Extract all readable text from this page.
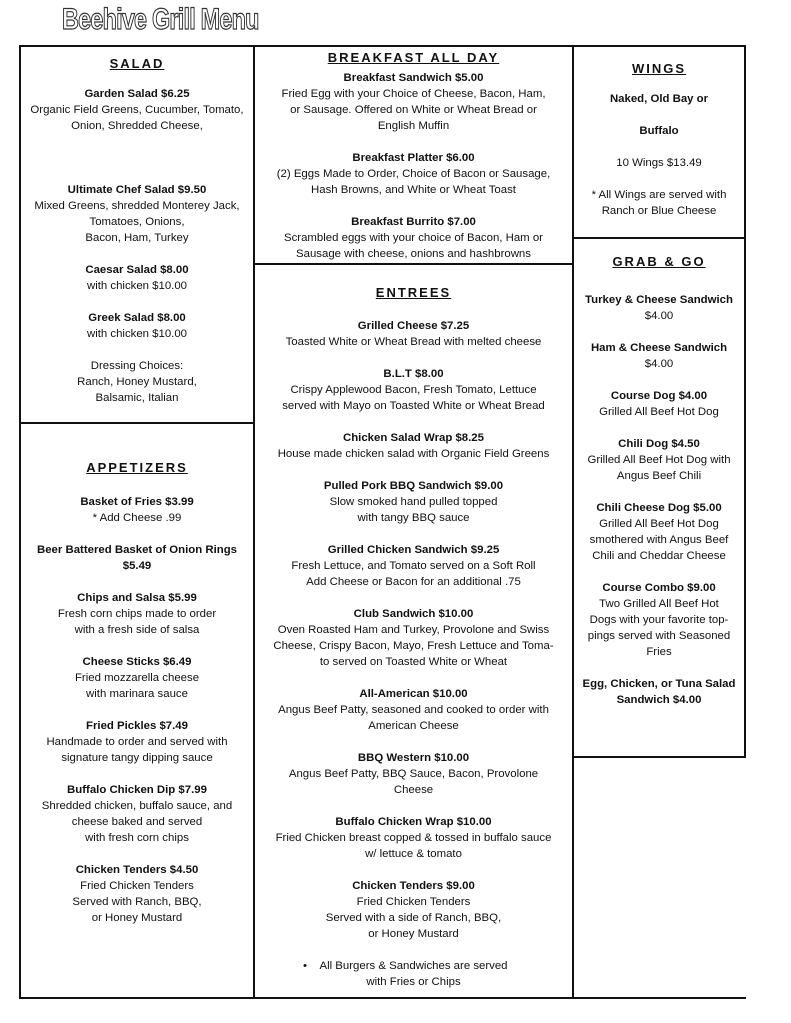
Beehive Grill Menu
SALAD
Garden Salad $6.25
Organic Field Greens, Cucumber, Tomato,
Onion, Shredded Cheese,
Ultimate Chef Salad $9.50
Mixed Greens, shredded Monterey Jack,
Tomatoes, Onions,
Bacon, Ham, Turkey
Caesar Salad $8.00
with chicken $10.00
Greek Salad $8.00
with chicken $10.00
Dressing Choices:
Ranch, Honey Mustard,
Balsamic, Italian
APPETIZERS
Basket of Fries $3.99
* Add Cheese .99
Beer Battered Basket of Onion Rings
$5.49
Chips and Salsa $5.99
Fresh corn chips made to order
with a fresh side of salsa
Cheese Sticks $6.49
Fried mozzarella cheese
with marinara sauce
Fried Pickles $7.49
Handmade to order and served with
signature tangy dipping sauce
Buffalo Chicken Dip $7.99
Shredded chicken, buffalo sauce, and
cheese baked and served
with fresh corn chips
Chicken Tenders $4.50
Fried Chicken Tenders
Served with Ranch, BBQ,
or Honey Mustard
BREAKFAST ALL DAY
Breakfast Sandwich $5.00
Fried Egg with your Choice of Cheese, Bacon, Ham,
or Sausage. Offered on White or Wheat Bread or
English Muffin
Breakfast Platter $6.00
(2) Eggs Made to Order, Choice of Bacon or Sausage,
Hash Browns, and White or Wheat Toast
Breakfast Burrito $7.00
Scrambled eggs with your choice of Bacon, Ham or
Sausage with cheese, onions and hashbrowns
ENTREES
Grilled Cheese $7.25
Toasted White or Wheat Bread with melted cheese
B.L.T $8.00
Crispy Applewood Bacon, Fresh Tomato, Lettuce
served with Mayo on Toasted White or Wheat Bread
Chicken Salad Wrap $8.25
House made chicken salad with Organic Field Greens
Pulled Pork BBQ Sandwich $9.00
Slow smoked hand pulled topped
with tangy BBQ sauce
Grilled Chicken Sandwich $9.25
Fresh Lettuce, and Tomato served on a Soft Roll
Add Cheese or Bacon for an additional .75
Club Sandwich $10.00
Oven Roasted Ham and Turkey, Provolone and Swiss
Cheese, Crispy Bacon, Mayo, Fresh Lettuce and Toma-
to served on Toasted White or Wheat
All-American $10.00
Angus Beef Patty, seasoned and cooked to order with
American Cheese
BBQ Western $10.00
Angus Beef Patty, BBQ Sauce, Bacon, Provolone
Cheese
Buffalo Chicken Wrap $10.00
Fried Chicken breast copped & tossed in buffalo sauce
w/ lettuce & tomato
Chicken Tenders $9.00
Fried Chicken Tenders
Served with a side of Ranch, BBQ,
or Honey Mustard
•	All Burgers & Sandwiches are served
with Fries or Chips
WINGS
Naked, Old Bay or
Buffalo
10 Wings $13.49
* All Wings are served with
Ranch or Blue Cheese
GRAB & GO
Turkey & Cheese Sandwich
$4.00
Ham & Cheese Sandwich
$4.00
Course Dog $4.00
Grilled All Beef Hot Dog
Chili Dog $4.50
Grilled All Beef Hot Dog with
Angus Beef Chili
Chili Cheese Dog $5.00
Grilled All Beef Hot Dog
smothered with Angus Beef
Chili and Cheddar Cheese
Course Combo $9.00
Two Grilled All Beef Hot
Dogs with your favorite top-
pings served with Seasoned
Fries
Egg, Chicken, or Tuna Salad
Sandwich $4.00
